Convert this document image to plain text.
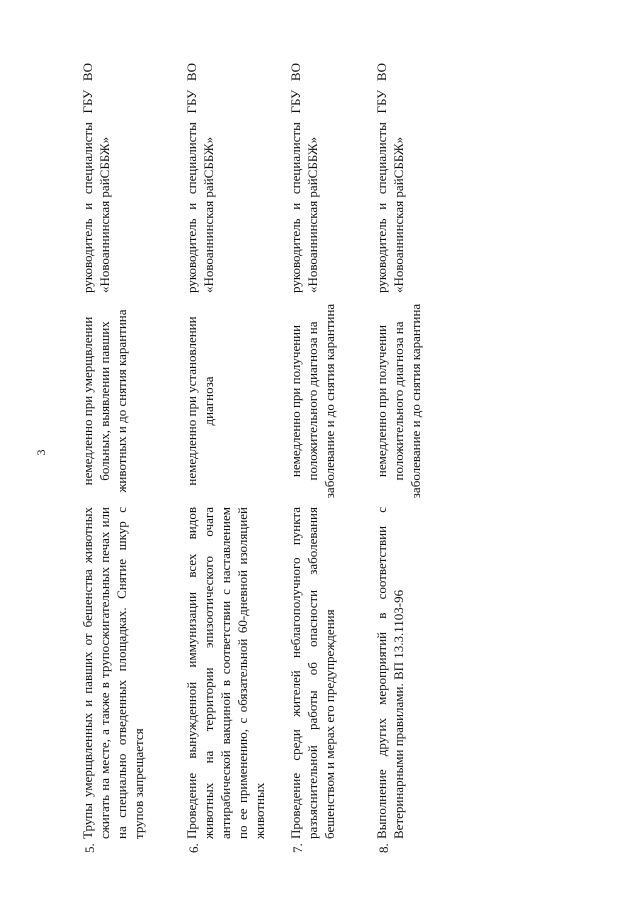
3
5.
Трупы умерщвленных и павших от бешенства животных сжигать на месте, а также в трупосжигательных печах или на специально отведенных площадках. Снятие шкур с трупов запрещается
немедленно при умерщвлении больных, выявлении павших животных и до снятия карантина
руководитель и специалисты ГБУ ВО «Новоаннинская райСББЖ»
6.
Проведение вынужденной иммунизации всех видов животных на территории эпизоотического очага антирабической вакциной в соответствии с наставлением по ее применению, с обязательной 60-дневной изоляцией животных
немедленно при установлении диагноза
руководитель и специалисты ГБУ ВО «Новоаннинская райСББЖ»
7.
Проведение среди жителей неблагополучного пункта разъяснительной работы об опасности заболевания бешенством и мерах его предупреждения
немедленно при получении положительного диагноза на заболевание и до снятия карантина
руководитель и специалисты ГБУ ВО «Новоаннинская райСББЖ»
8.
Выполнение других мероприятий в соответствии с Ветеринарными правилами. ВП 13.3.1103-96
немедленно при получении положительного диагноза на заболевание и до снятия карантина
руководитель и специалисты ГБУ ВО «Новоаннинская райСББЖ»
